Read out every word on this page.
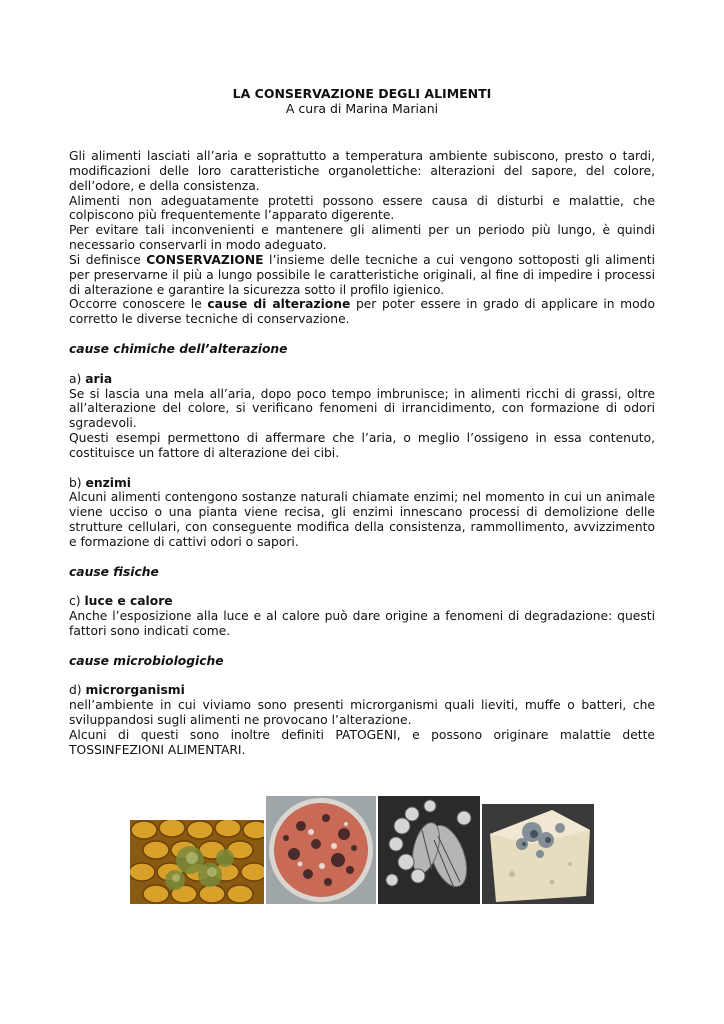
LA CONSERVAZIONE DEGLI ALIMENTI
A cura di Marina Mariani

Gli alimenti lasciati all’aria e soprattutto a temperatura ambiente subiscono, presto o tardi, modificazioni delle loro caratteristiche organolettiche: alterazioni del sapore, del colore, dell’odore, e della consistenza.

Alimenti non adeguatamente protetti possono essere causa di disturbi e malattie, che colpiscono più frequentemente l’apparato digerente.

Per evitare tali inconvenienti e mantenere gli alimenti per un periodo più lungo, è quindi necessario conservarli in modo adeguato.

Si definisce CONSERVAZIONE l’insieme delle tecniche a cui vengono sottoposti gli alimenti per preservarne il più a lungo possibile le caratteristiche originali, al fine di impedire i processi di alterazione e garantire la sicurezza sotto il profilo igienico.

Occorre conoscere le cause di alterazione per poter essere in grado di applicare in modo corretto le diverse tecniche di conservazione.

cause chimiche dell’alterazione

a) aria

Se si lascia una mela all’aria, dopo poco tempo imbrunisce; in alimenti ricchi di grassi, oltre all’alterazione del colore, si verificano fenomeni di irrancidimento, con formazione di odori sgradevoli.

Questi esempi permettono di affermare che l’aria, o meglio l’ossigeno in essa contenuto, costituisce un fattore di alterazione dei cibi.

b) enzimi

Alcuni alimenti contengono sostanze naturali chiamate enzimi; nel momento in cui un animale viene ucciso o una pianta viene recisa, gli enzimi innescano processi di demolizione delle strutture cellulari, con conseguente modifica della consistenza, rammollimento, avvizzimento e formazione di cattivi odori o sapori.

cause fisiche

c) luce e calore

Anche l’esposizione alla luce e al calore può dare origine a fenomeni di degradazione: questi fattori sono indicati come.

cause microbiologiche

d) microrganismi

nell’ambiente in cui viviamo sono presenti microrganismi quali lieviti, muffe o batteri, che sviluppandosi sugli alimenti ne provocano l’alterazione.

Alcuni di questi sono inoltre definiti PATOGENI, e possono originare malattie dette TOSSINFEZIONI ALIMENTARI.
